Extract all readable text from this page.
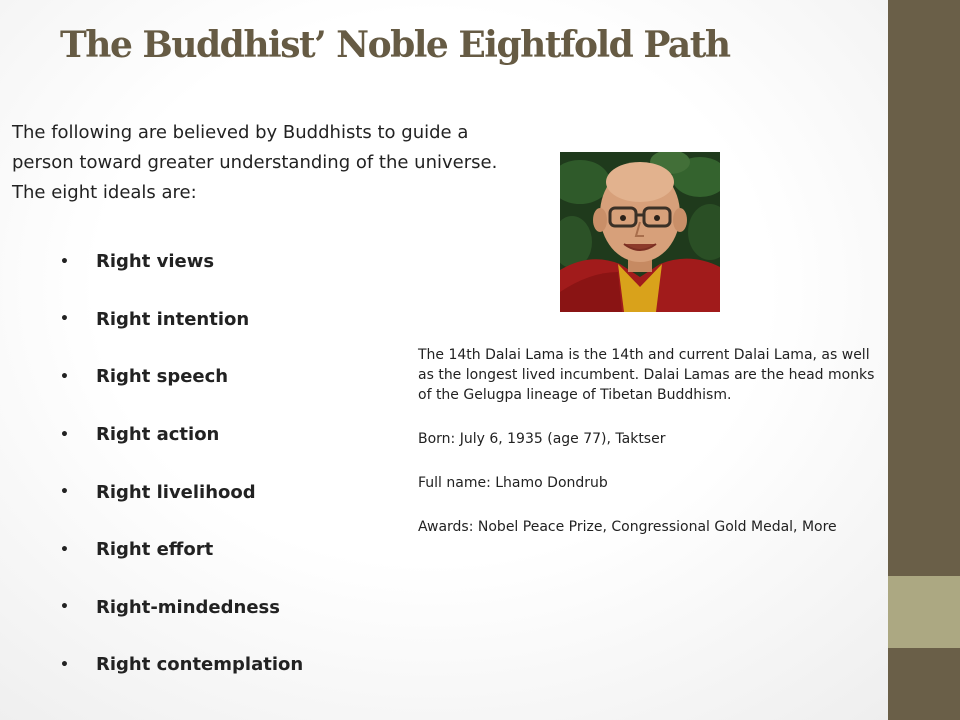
The Buddhist’ Noble Eightfold Path

The following are believed by Buddhists to guide a person toward greater understanding of the universe. The eight ideals are:

•	Right views
•	Right intention
•	Right speech
•	Right action
•	Right livelihood
•	Right effort
•	Right-mindedness
•	Right contemplation

The 14th Dalai Lama is the 14th and current Dalai Lama, as well as the longest lived incumbent. Dalai Lamas are the head monks of the Gelugpa lineage of Tibetan Buddhism.

Born: July 6, 1935 (age 77), Taktser

Full name: Lhamo Dondrub

Awards: Nobel Peace Prize, Congressional Gold Medal, More
